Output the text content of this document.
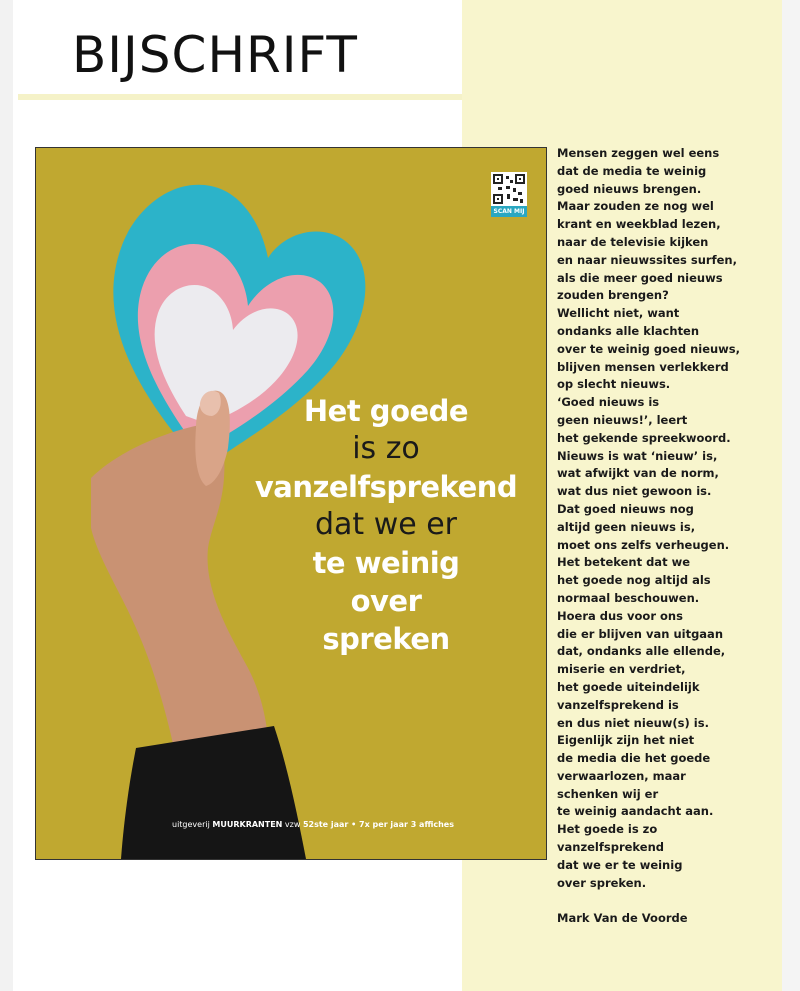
BIJSCHRIFT
SCAN MIJ
Het goede
is zo
vanzelfsprekend
dat we er
te weinig
over
spreken
uitgeverij MUURKRANTEN vzw 52ste jaar • 7x per jaar 3 affiches
Mensen zeggen wel eens
dat de media te weinig
goed nieuws brengen.
Maar zouden ze nog wel
krant en weekblad lezen,
naar de televisie kijken
en naar nieuwssites surfen,
als die meer goed nieuws
zouden brengen?
Wellicht niet, want
ondanks alle klachten
over te weinig goed nieuws,
blijven mensen verlekkerd
op slecht nieuws.
‘Goed nieuws is
geen nieuws!’, leert
het gekende spreekwoord.
Nieuws is wat ‘nieuw’ is,
wat afwijkt van de norm,
wat dus niet gewoon is.
Dat goed nieuws nog
altijd geen nieuws is,
moet ons zelfs verheugen.
Het betekent dat we
het goede nog altijd als
normaal beschouwen.
Hoera dus voor ons
die er blijven van uitgaan
dat, ondanks alle ellende,
miserie en verdriet,
het goede uiteindelijk
vanzelfsprekend is
en dus niet nieuw(s) is.
Eigenlijk zijn het niet
de media die het goede
verwaarlozen, maar
schenken wij er
te weinig aandacht aan.
Het goede is zo
vanzelfsprekend
dat we er te weinig
over spreken.
Mark Van de Voorde
